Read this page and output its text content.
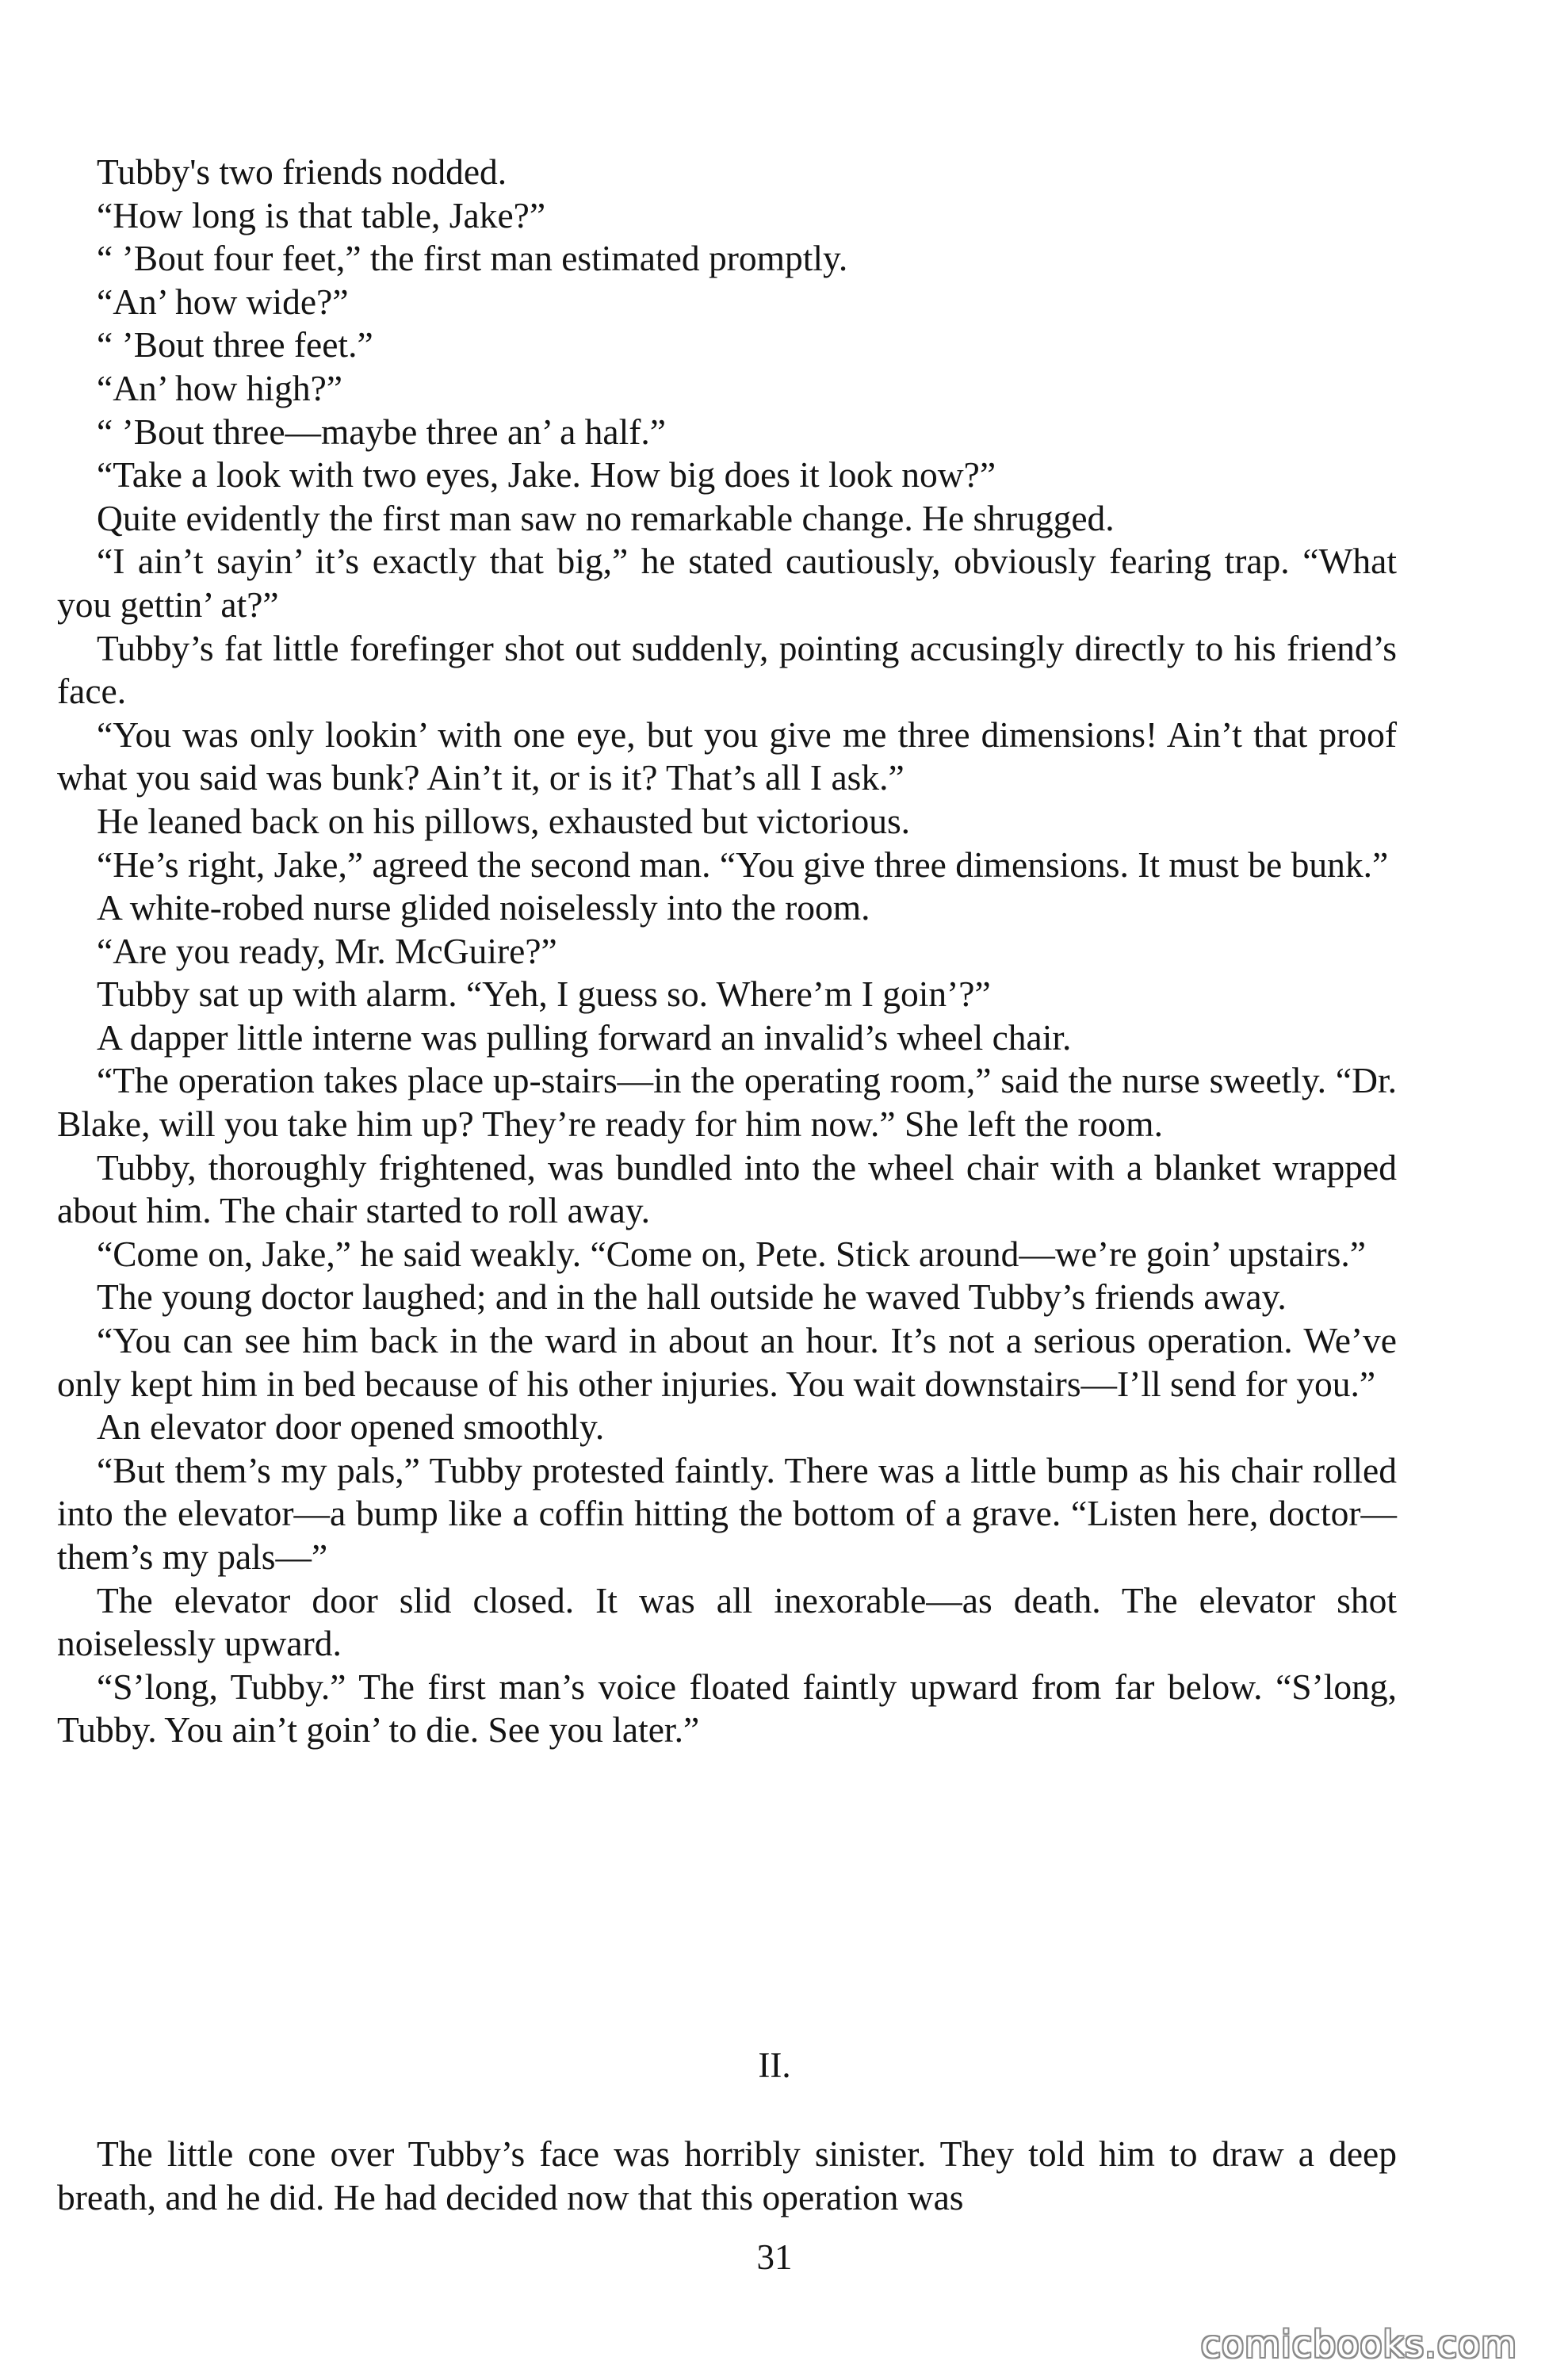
Tubby's two friends nodded.

“How long is that table, Jake?”

“ ’Bout four feet,” the first man estimated promptly.

“An’ how wide?”

“ ’Bout three feet.”

“An’ how high?”

“ ’Bout three—maybe three an’ a half.”

“Take a look with two eyes, Jake. How big does it look now?”

Quite evidently the first man saw no remarkable change. He shrugged.

“I ain’t sayin’ it’s exactly that big,” he stated cautiously, obviously fearing trap. “What you gettin’ at?”

Tubby’s fat little forefinger shot out suddenly, pointing accusingly directly to his friend’s face.

“You was only lookin’ with one eye, but you give me three dimensions! Ain’t that proof what you said was bunk? Ain’t it, or is it? That’s all I ask.”

He leaned back on his pillows, exhausted but victorious.

“He’s right, Jake,” agreed the second man. “You give three dimensions. It must be bunk.”

A white-robed nurse glided noiselessly into the room.

“Are you ready, Mr. McGuire?”

Tubby sat up with alarm. “Yeh, I guess so. Where’m I goin’?”

A dapper little interne was pulling forward an invalid’s wheel chair.

“The operation takes place up-stairs—in the operating room,” said the nurse sweetly. “Dr. Blake, will you take him up? They’re ready for him now.” She left the room.

Tubby, thoroughly frightened, was bundled into the wheel chair with a blanket wrapped about him. The chair started to roll away.

“Come on, Jake,” he said weakly. “Come on, Pete. Stick around—we’re goin’ upstairs.”

The young doctor laughed; and in the hall outside he waved Tubby’s friends away.

“You can see him back in the ward in about an hour. It’s not a serious operation. We’ve only kept him in bed because of his other injuries. You wait downstairs—I’ll send for you.”

An elevator door opened smoothly.

“But them’s my pals,” Tubby protested faintly. There was a little bump as his chair rolled into the elevator—a bump like a coffin hitting the bottom of a grave. “Listen here, doctor—them’s my pals—”

The elevator door slid closed. It was all inexorable—as death. The elevator shot noiselessly upward.

“S’long, Tubby.” The first man’s voice floated faintly upward from far below. “S’long, Tubby. You ain’t goin’ to die. See you later.”

II.

The little cone over Tubby’s face was horribly sinister. They told him to draw a deep breath, and he did. He had decided now that this operation was

31
comicbooks.com
